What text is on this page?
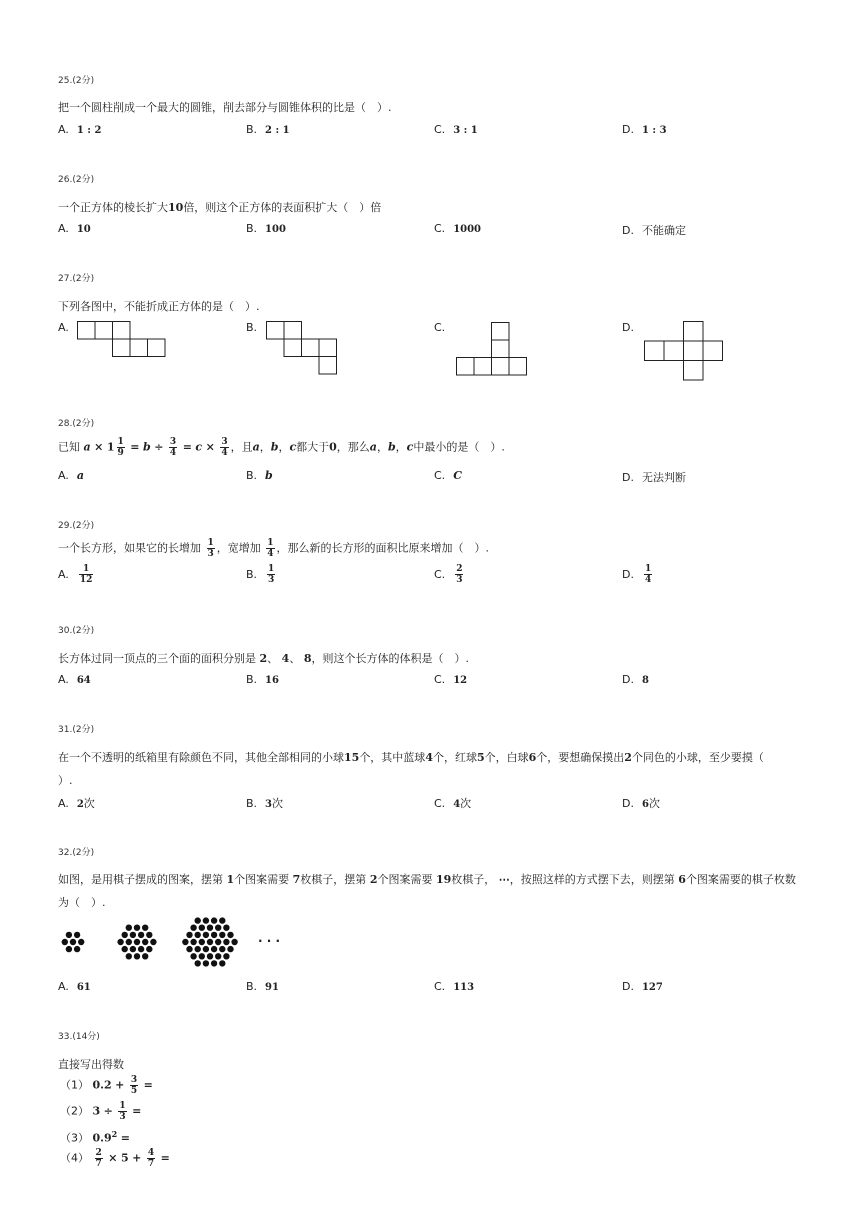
25.(2分)
把一个圆柱削成一个最大的圆锥，削去部分与圆锥体积的比是（　）.
A. 1 : 2	B. 2 : 1	C. 3 : 1	D. 1 : 3
26.(2分)
一个正方体的棱长扩大10倍，则这个正方体的表面积扩大（　）倍
A. 10	B. 100	C. 1000	D. 不能确定
27.(2分)
下列各图中，不能折成正方体的是（　）.
A.	B.	C.	D.
28.(2分)
已知 $a \times 1 \frac{1}{9} = b \div \frac{3}{4} = c \times \frac{3}{4}$ ，且a，b，c都大于0，那么a，b，c中最小的是（　）.
A. a	B. b	C. C	D. 无法判断
29.(2分)
一个长方形，如果它的长增加 $\frac{1}{3}$ ，宽增加 $\frac{1}{4}$ ，那么新的长方形的面积比原来增加（　）.
A. $\frac{1}{12}$	B. $\frac{1}{3}$	C. $\frac{2}{3}$	D. $\frac{1}{4}$
30.(2分)
长方体过同一顶点的三个面的面积分别是 2、 4、 8，则这个长方体的体积是（　）.
A. 64	B. 16	C. 12	D. 8
31.(2分)
在一个不透明的纸箱里有除颜色不同，其他全部相同的小球15个，其中蓝球4个，红球5个，白球6个，要想确保摸出2个同色的小球，至少要摸（
）.
A. 2次	B. 3次	C. 4次	D. 6次
32.(2分)
如图，是用棋子摆成的图案，摆第 1个图案需要 7枚棋子，摆第 2个图案需要 19枚棋子， ⋯，按照这样的方式摆下去，则摆第 6个图案需要的棋子枚数
为（　）.
· · ·
A. 61	B. 91	C. 113	D. 127
33.(14分)
直接写出得数
（1） $0.2 + \frac{3}{5}$ =
（2） $3 \div \frac{1}{3}$ =
（3） $0.9^2$ =
$(4) \frac{2}{7} \times 5 + \frac{4}{7}$ =
